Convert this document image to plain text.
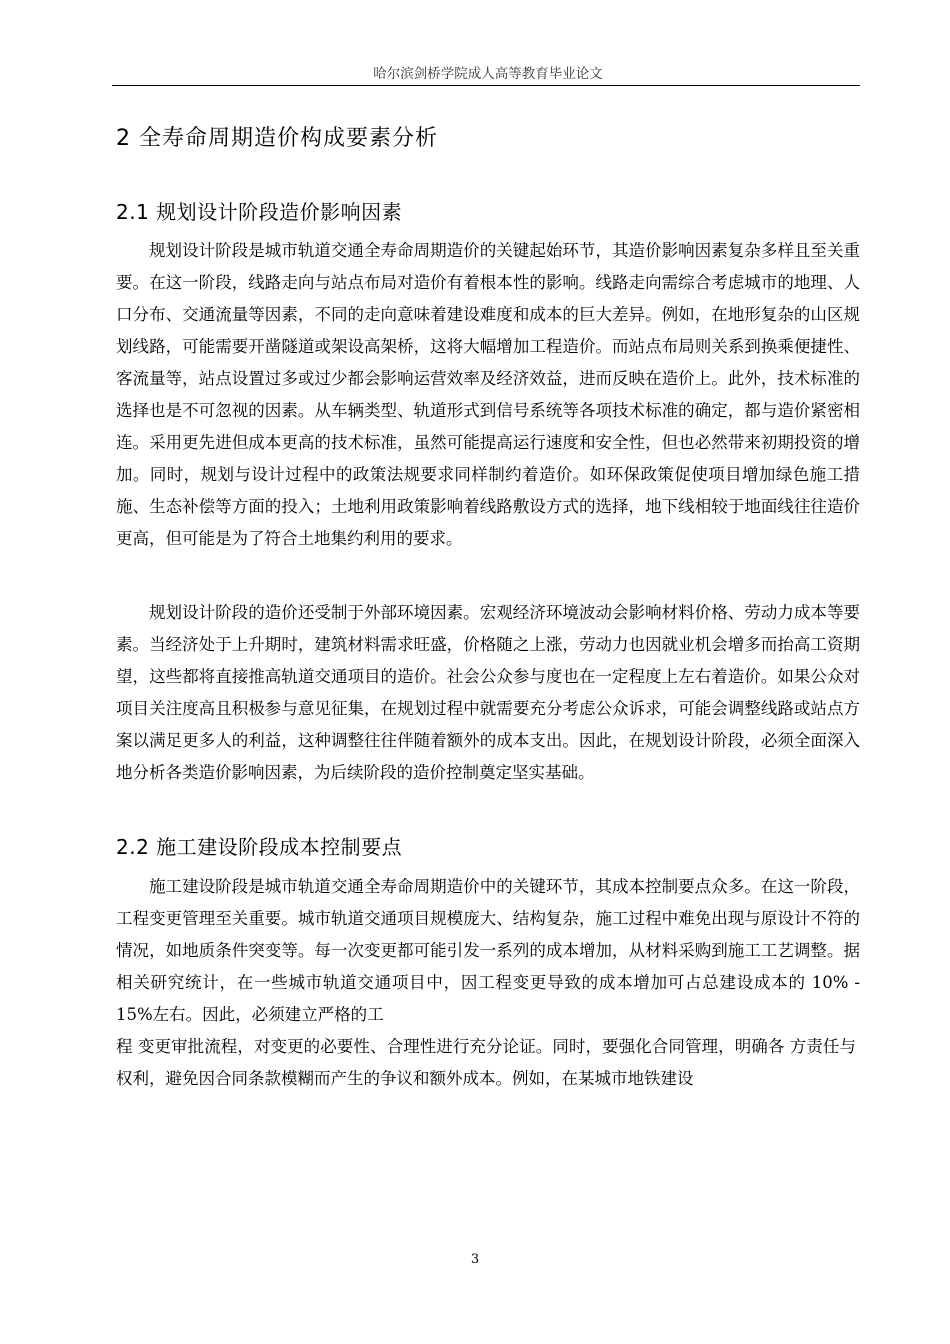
哈尔滨剑桥学院成人高等教育毕业论文
2 全寿命周期造价构成要素分析
2.1 规划设计阶段造价影响因素

规划设计阶段是城市轨道交通全寿命周期造价的关键起始环节，其造价影响因素复杂多样且至关重要。在这一阶段，线路走向与站点布局对造价有着根本性的影响。线路走向需综合考虑城市的地理、人口分布、交通流量等因素，不同的走向意味着建设难度和成本的巨大差异。例如，在地形复杂的山区规划线路，可能需要开凿隧道或架设高架桥，这将大幅增加工程造价。而站点布局则关系到换乘便捷性、客流量等，站点设置过多或过少都会影响运营效率及经济效益，进而反映在造价上。此外，技术标准的选择也是不可忽视的因素。从车辆类型、轨道形式到信号系统等各项技术标准的确定，都与造价紧密相连。采用更先进但成本更高的技术标准，虽然可能提高运行速度和安全性，但也必然带来初期投资的增加。同时，规划与设计过程中的政策法规要求同样制约着造价。如环保政策促使项目增加绿色施工措施、生态补偿等方面的投入；土地利用政策影响着线路敷设方式的选择，地下线相较于地面线往往造价更高，但可能是为了符合土地集约利用的要求。

规划设计阶段的造价还受制于外部环境因素。宏观经济环境波动会影响材料价格、劳动力成本等要素。当经济处于上升期时，建筑材料需求旺盛，价格随之上涨，劳动力也因就业机会增多而抬高工资期望，这些都将直接推高轨道交通项目的造价。社会公众参与度也在一定程度上左右着造价。如果公众对项目关注度高且积极参与意见征集，在规划过程中就需要充分考虑公众诉求，可能会调整线路或站点方案以满足更多人的利益，这种调整往往伴随着额外的成本支出。因此，在规划设计阶段，必须全面深入地分析各类造价影响因素，为后续阶段的造价控制奠定坚实基础。

2.2 施工建设阶段成本控制要点

施工建设阶段是城市轨道交通全寿命周期造价中的关键环节，其成本控制要点众多。在这一阶段，工程变更管理至关重要。城市轨道交通项目规模庞大、结构复杂，施工过程中难免出现与原设计不符的情况，如地质条件突变等。每一次变更都可能引发一系列的成本增加，从材料采购到施工工艺调整。据相关研究统计，在一些城市轨道交通项目中，因工程变更导致的成本增加可占总建设成本的 10% - 15%左右。因此，必须建立严格的工

程 变更审批流程，对变更的必要性、合理性进行充分论证。同时，要强化合同管理，明确各 方责任与权利，避免因合同条款模糊而产生的争议和额外成本。例如，在某城市地铁建设

3
